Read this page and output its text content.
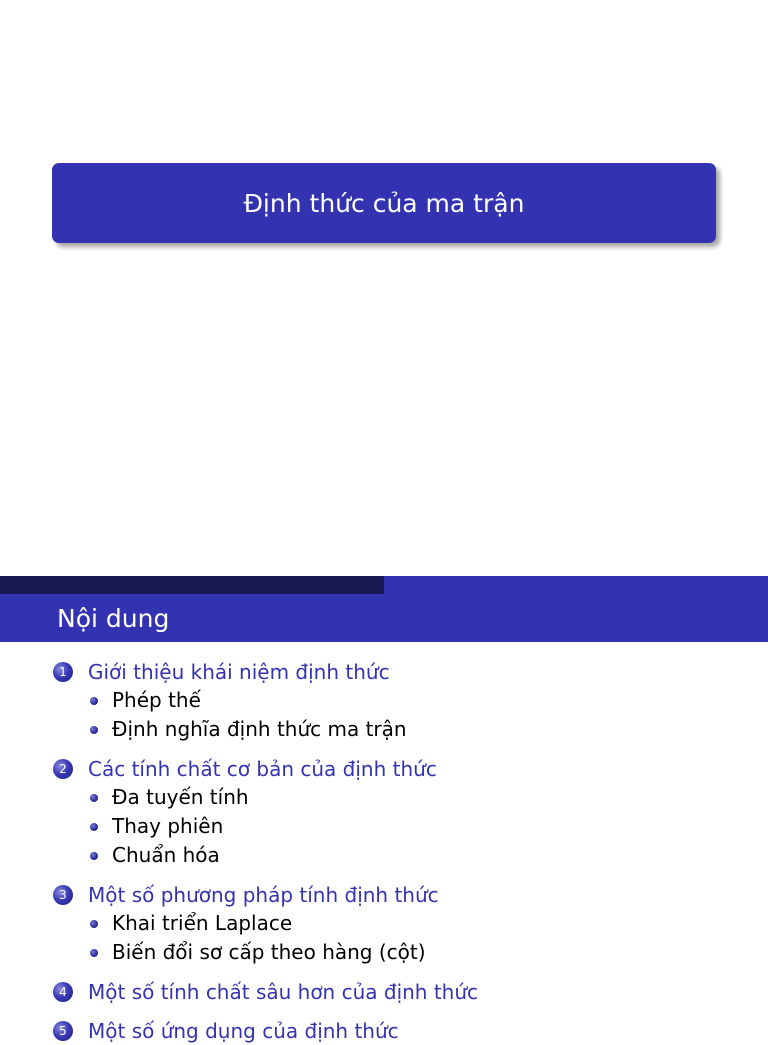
Định thức của ma trận
Nội dung
1	Giới thiệu khái niệm định thức
Phép thế
Định nghĩa định thức ma trận
2	Các tính chất cơ bản của định thức
Đa tuyến tính
Thay phiên
Chuẩn hóa
3	Một số phương pháp tính định thức
Khai triển Laplace
Biến đổi sơ cấp theo hàng (cột)
4	Một số tính chất sâu hơn của định thức
5	Một số ứng dụng của định thức
